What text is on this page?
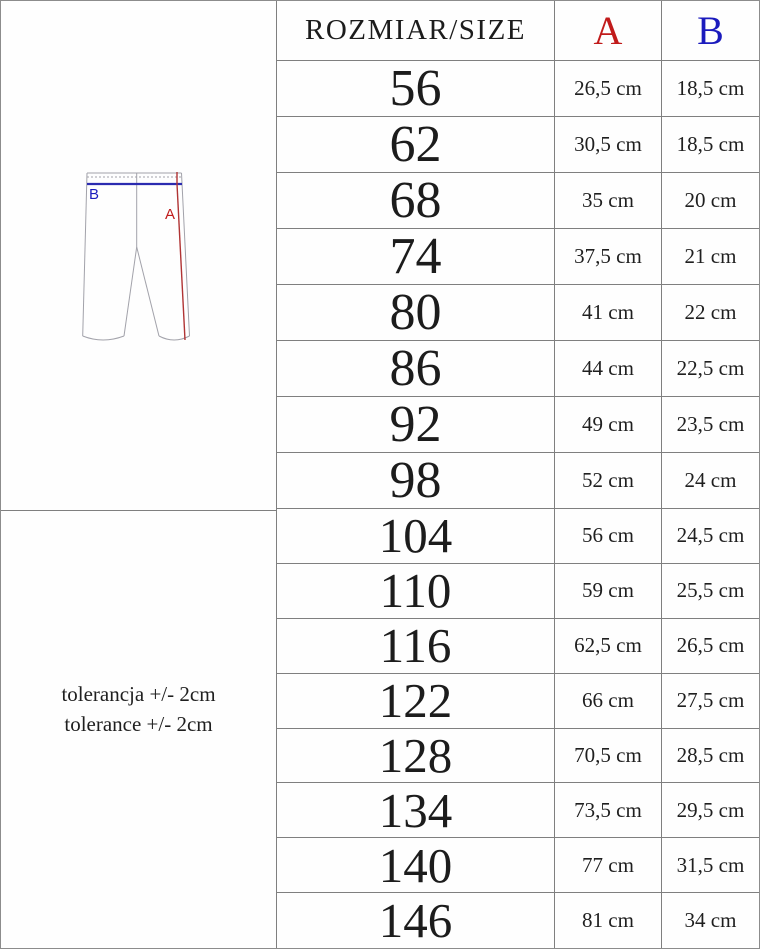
B
A
tolerancja +/- 2cm
tolerance +/- 2cm
ROZMIAR/SIZE	A	B
56	26,5 cm	18,5 cm
62	30,5 cm	18,5 cm
68	35 cm	20 cm
74	37,5 cm	21 cm
80	41 cm	22 cm
86	44 cm	22,5 cm
92	49 cm	23,5 cm
98	52 cm	24 cm
104	56 cm	24,5 cm
110	59 cm	25,5 cm
116	62,5 cm	26,5 cm
122	66 cm	27,5 cm
128	70,5 cm	28,5 cm
134	73,5 cm	29,5 cm
140	77 cm	31,5 cm
146	81 cm	34 cm
